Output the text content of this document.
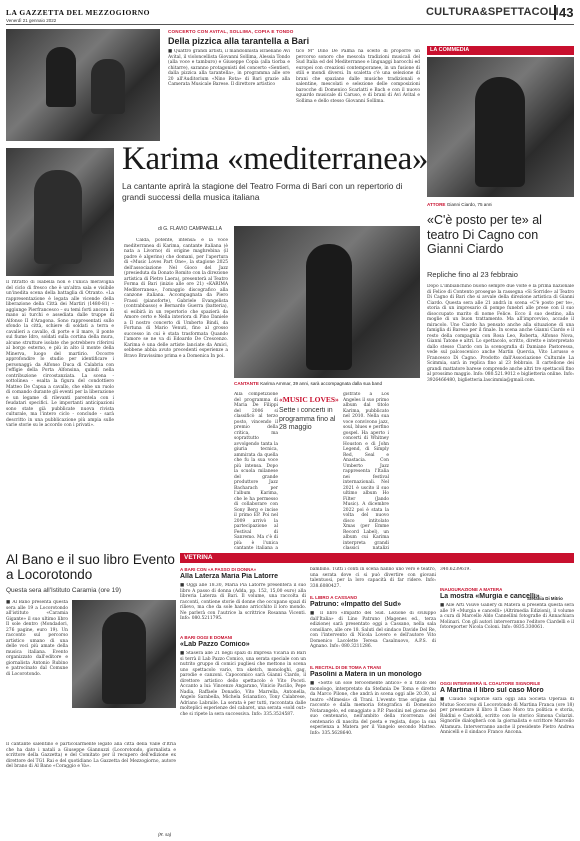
LA GAZZETTA DEL MEZZOGIORNO
Venerdì 21 gennaio 2022
CULTURA&SPETTACOLI 43
CONCERTO CON AVITAL, SOLLIMA, COPIA E TONDO
Della pizzica alla tarantella a Bari
■ Quattro grandi artisti, il mandolinista israeliano Avi Avital, il violoncellista Giovanni Sollima, Alessia Tondo (alla voce e tamburo) e Giuseppe Copia (alla tiorba e chitarre), saranno protagonisti del concerto «Sentieri, dalla pizzica alla tarantella», in programma alle ore 20 all'Auditorium «Nino Rota» di Bari grazie alla Camerata Musicale Barese. Il direttore artistico
tico M° Dino De Palma ha scelto di proporre un percorso sonoro che mescola tradizioni musicali del Sud Italia ed del Mediterraneo e linguaggi barocchi ed europei con creazioni contemporanee, in un fusione di stili e mondi diversi. In scaletta c'è una selezione di brani che spaziano dalle musiche tradizionali e salentine, mescolati e selezione delle composizioni barocche di Domenico Scarlatti e Bach e con il nuovo sguardo musicale di Caruso, e di brani di Avi Avital e Sollima e dello stesso Giovanni Sollima.
LA COMMEDIA
ATTORE Gianni Ciardo, 75 anni
«C'è posto per te» al teatro Di Cagno con Gianni Ciardo
Repliche fino al 23 febbraio
Dopo L'imbianchino buono sempre due volte e la prima nazionale di Felice di Contento prosegue la rassegna «Si Sorride» al Teatro Di Cagno di Bari che si avvale della direzione artistica di Gianni Ciardo. Questa sera alle 21 andrà in scena «C'è posto per te», storia di un impresario di pompe funebri alle prese con il suo disoccupato marito di nome Felice. Ecco il suo destino, alla moglie di un buon trattamento. Ma all'improvviso, accade il miracolo. Uno Ciardo ha pensato anche alla situazione di una famiglia di Barese per il finale. In scena anche Gianni Ciardo e il resto della compagnia con Rosa Leo, Roberta, Alfonso Nova, Gianni Tatone e altri. Lo spettacolo, scritto, diretto e interpretato dallo stesso Ciardo con la scenografia di Damiano Pastoressa, vede sul palcoscenico anche Martin Quercia, Vito Lorusso e Francesco Di Cagno. Prodotto dall'Associazione Culturale La Scimmia, sarà in replica fino al 23 febbraio. Il cartellone dei grandi mattatore barese comprende anche altri tre spettacoli fino al prossimo maggio. Info: 080.521.9012 e biglietteria online. Info: 3926466480, biglietteria.lascimmia@gmail.com.
Stefania Di Mitrio
Karima «mediterranea»
La cantante aprirà la stagione del Teatro Forma di Bari con un repertorio di grandi successi della musica italiana
Il ritratto di Isabella non è l'unica meraviglia del ciclo di fresco che è un'altra sala e visibile un'inedita scena della battaglia di Otranto. «La rappresentazione è legata alle vicende della liberazione della Città dei Martiri (1480-81) – aggiunge Pierfrancesco – su temi forti ancora in mano ai turchi e assediata dalle truppe di Alfonso II d'Aragona. Sono rappresentati sullo sfondo la città, schiere di soldati a terra e cavalieri a cavallo, di porte e il mare, il ponte sul fiume Idro, soldati sulla cortina della mura, alcune strutture isolate che potrebbero riferirsi al borgo esterno, e più in alto il monte della Minerva, luogo del martirio. Occorre approfondire lo studio per identificare i personaggi: da Alfonso Duca di Calabria con l'effigie della Porta Alfonsina, quindi nella contribuzione circostanziata. La scena - sottolinea - esalta la figura del condottiero Matteo De Capua a cavallo, che ebbe un ruolo di comando durante gli eventi per la liberazione e un legame di rilevanti parentela con i feudatari specifici. Le importanti anticipazioni sono state già pubblicate nuova rivista culturale, ma l'intero ciclo - conclude - sarà descritto in una pubblicazione più ampia sulle varie storie su le accordo con i privati».
di G. FLAVIO CAMPANELLA
Calda, potente, intensa: è la voce mediterranea di Karima, cantante italiana (è nata a Livorno) di origine maghrebina (il padre è algerino) che domani, per l'apertura di «Music Loves Part One», la stagione 2025 dell'associazione Nel Gioco del Jazz (presieduta da Donato Romito con la direzione artistica di Pietro Laera), presenterà al Teatro Forma di Bari (inizio alle ore 21) «KARIMA Mediterranea», l'omaggio discografico alla canzone italiana. Accompagnata da Piero Frassi (pianoforte), Gabriele Evangelista (contrabbasso) e Bernardo Guerra (batteria), si esibirà in un repertorio che spazierà da Amore certo e Nella interiora di Pino Daniele a Il nostro concerto di Umberto Bindi, da Fortuna di Mario Venuti, fino al grosso successo in cui è stata trasformata Quando l'amore se ne va di Edoardo De Crescenzo. Karima è una delle artiste lanciate da Amici, sebbene abbia avuto precedenti esperienze a Bravo Bravissimo prima e a Domenica In poi.
CANTANTE Karima Ammar, 39 anni, sarà accompagnata dalla sua band
Alla competizione del programma di Maria De Filippi del 2006 si classificò al terzo posto, vincendo il premio della critica, ma soprattutto avvolgendo tanta la giuria tecnica, ammirata da quella che fu la sua voce più intensa. Dopo la scuola milanese del grande produttore Jazz Bacharach per l'album Karima, che le ha permesso di collaborare con Sony Berg e incise il primo EP. Poi nel 2009 arrivò la partecipazione al Festival di Sanremo. Ma c'è di più: è l'unica cantante italiana a
«MUSIC LOVES»
Sette i concerti in programma fino al 28 maggio
gistrato a Los Angeles il suo primo album dal titolo Karima, pubblicato nel 2010. Nella sua voce convivono jazz, soul, blues e perfino gospel. Ha aperto i concerti di Whitney Houston e di John Legend, di Simply Red, Seal e Anastacia. Con Umberto Jazz rappresenta l'Italia nei festival internazionali. Nel 2021 è uscito il suo ultimo album Ho Filter (Jando Music). A dicembre 2022 poi è stata la volta del nuovo disco intitolato Xmas (per Emme Record Label), un album cui Karima interpreta grandi classici natalizi
Al Bano e il suo libro Evento a Locorotondo
Questa sera all'Istituto Caramia (ore 19)
■ Al Bano presenta questa sera alle 19 a Locorotondo all'istituto «Caramia Gigante» il suo ultimo libro Il sole dentro (Mondadori, 276 pagine, euro 19). Un racconto sul percorso artistico umano di una delle voci più amate della musica italiana. Evento organizzato dall'editore e giornalista Antonio Rubino e patrocinato dal Comune di Locorotondo.
Il cantante salentino è particolarmente legato alla città della Valle d'Itria che ha dato i natali a Giuseppe Giannuzzi (Locorotondo, giornalista e scrittore della Gazzetta) e del Comitato per il recupero dell'edizione ex direttore del TG1 Rai e del quotidiano La Gazzetta del Mezzogiorno, autore del brano di Al Bano «Coraggio e Va».
(R. sa)
VETRINA
A BARI CON «A PASSO DI DONNA»
Alla Laterza Maria Pia Latorre
■ Oggi alle 18.30, Maria Pia Latorre presenterà il suo libro A passo di donna (Adda, pp. 152, 15,00 euro) alla libreria Laterza di Bari. Il volume, una raccolta di racconti, contiene storie di donne che occupano spazi di rilievo, ma che da sole hanno arricchito il loro mondo. Ne parlerà con l'autrice la scrittrice Rosanna Vicenti. Info: 080.5211795.
A BARI OGGI E DOMANI
«Lab Pazzo Comico»
■ Stasera alle 21 negli spazi di Impresa Vicaria in Bari si terrà il Lab Pazzo Comico, una serata speciale con un nutrito gruppo di comici pugliesi che mettono in scena uno spettacolo vario, tra sketch, monologhi, gag, parodie e canzoni. Capocomico sarà Gianni Ciardo, il direttore artistico dello spettacolo è Vito Pocoti. Accanto a lui: Vincenzo Angarano, Vinicio Pacilio, Pepe Nadia, Raffaele Donadio, Vito Marrella, Antonella, Angelo Sarabella, Michela Scianatico, Tony Calabrese, Adriano Labraile. La serata è per tutti, raccontata dalle molteplici esperienze del cabaret, una serata «sold out» che si ripete la sera successiva. Info: 335.3524587.
bambino. Tutti i conti in scena hanno uno vero e teatro, una serata dove ci si può divertire con giovani talentuosi, per la loro capacità di far ridere. Info: 338.6080427.
IL LIBRO A CASSANO
Patruno: «Impatto del Sud»
■ Il libro «Impatto del Sud. Lezione di sviluppo dall'Italia» di Lino Patruno (Magenes ed., terza edizione) sarà presentato oggi a Cassano, nella sala consiliare, alle ore 18. Saluti del sindaco Davide Del Re, con l'intervento di Nicola Lovero e dell'autore Vito Domenico Lacolette Teresa Casalnuovo, A.P.S. di Agnano. Info: 080.3211286.
IL RECITAL DI DE TOMA A TRANI
Pasolini a Matera in un monologo
■ «Sotto un sole ferocemente antico» è il titolo del monologo, interpretato da Stefania De Toma e diretto da Marco Pilone, che andrà in scena oggi alle 20.30, al teatro «Mimesis» di Trani. L'evento trae origine dal racconto e dalla memoria fotografica di Domenico Notarangelo, ed omaggiato a P.P. Pasolini nel giorno del suo centenario, nell'ambito della ricorrenza del centenario di nascita del poeta e regista, dopo la sua esperienza a Matera per il Vangelo secondo Matteo. Info: 335.5628640.
340.6239619.
INAUGURAZIONE A MATERA
La mostra «Murgia e cancelli»
■ Alle Arti Visive Gallery di Matera si presenta questa sera alle 19 «Murgia e cancelli» (Altrimedia Edizioni), il volume a cura di Marcello Aldo Cannellini fotografie di Annachiara Molinari. Con gli autori interverranno l'editore Ciardelli e il fotoreporter Nicola Coloni. Info: 0835.330061.
OGGI INTERVERRÀ IL COAUTORE SIGNORILE
A Martina il libro sul caso Moro
■ Claudio Signorile sarà oggi alla Società Operaia di Mutuo Soccorso di Locorotondo di Martina Franca (ore 18) per presentare il libro Il Caso Moro tra politica e storia, Baldini e Castoldi, scritto con lo storico Simona Colarizi. Signorile dialogherà con la giornalista e scrittore Marcello Altamura. Interverranno anche il presidente Pietro Andrea Annicelli e il sindaco Franco Ancona.
